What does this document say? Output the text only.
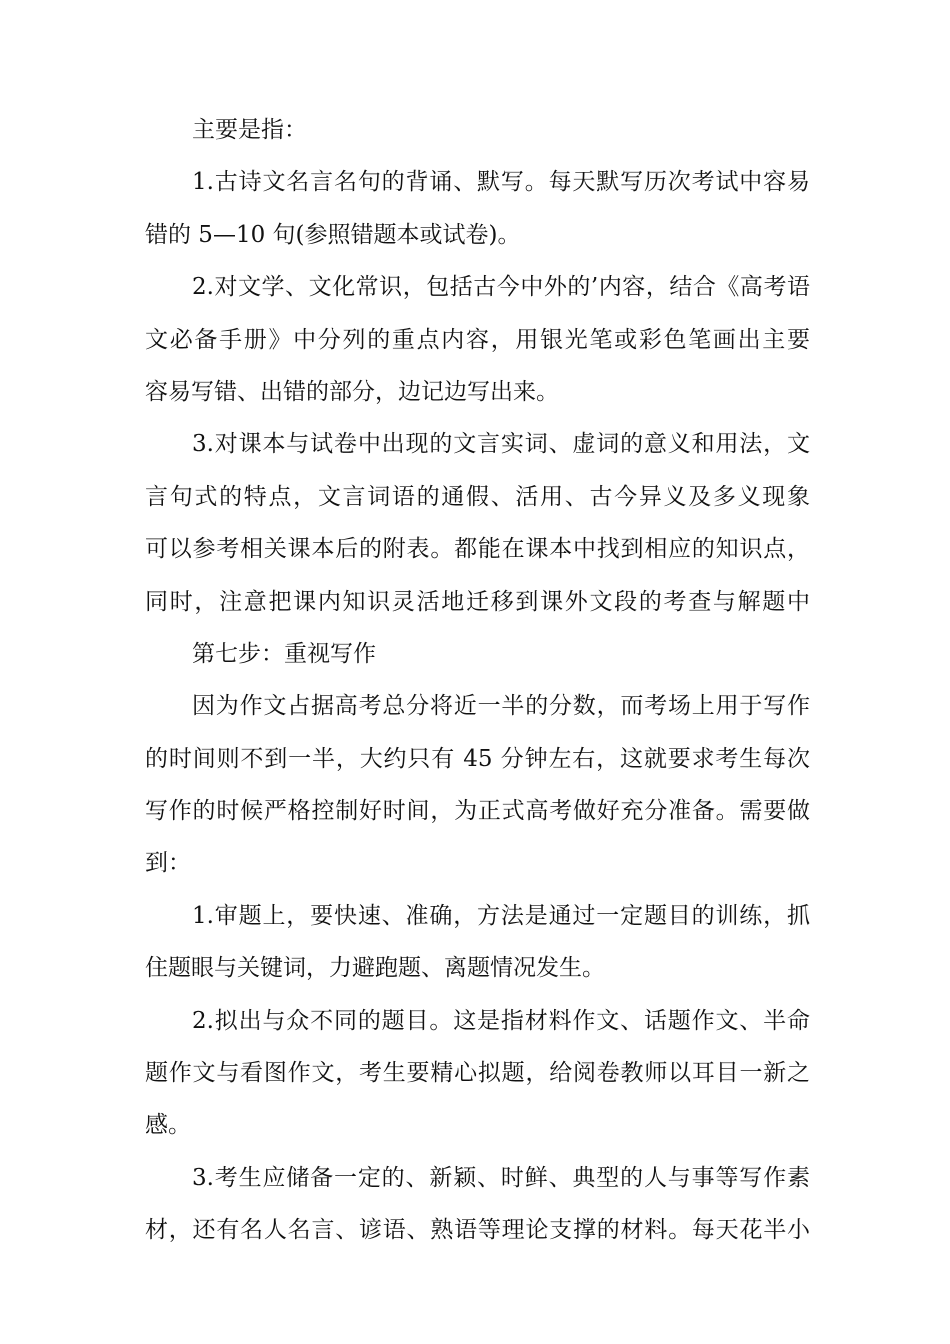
主要是指：
1.古诗文名言名句的背诵、默写。每天默写历次考试中容易
错的 5—10 句(参照错题本或试卷)。
2.对文学、文化常识，包括古今中外的’内容，结合《高考语
文必备手册》中分列的重点内容，用银光笔或彩色笔画出主要
容易写错、出错的部分，边记边写出来。
3.对课本与试卷中出现的文言实词、虚词的意义和用法，文
言句式的特点，文言词语的通假、活用、古今异义及多义现象
可以参考相关课本后的附表。都能在课本中找到相应的知识点，
同时，注意把课内知识灵活地迁移到课外文段的考查与解题中
第七步：重视写作
因为作文占据高考总分将近一半的分数，而考场上用于写作
的时间则不到一半，大约只有 45 分钟左右，这就要求考生每次
写作的时候严格控制好时间，为正式高考做好充分准备。需要做
到：
1.审题上，要快速、准确，方法是通过一定题目的训练，抓
住题眼与关键词，力避跑题、离题情况发生。
2.拟出与众不同的题目。这是指材料作文、话题作文、半命
题作文与看图作文，考生要精心拟题，给阅卷教师以耳目一新之
感。
3.考生应储备一定的、新颖、时鲜、典型的人与事等写作素
材，还有名人名言、谚语、熟语等理论支撑的材料。每天花半小
